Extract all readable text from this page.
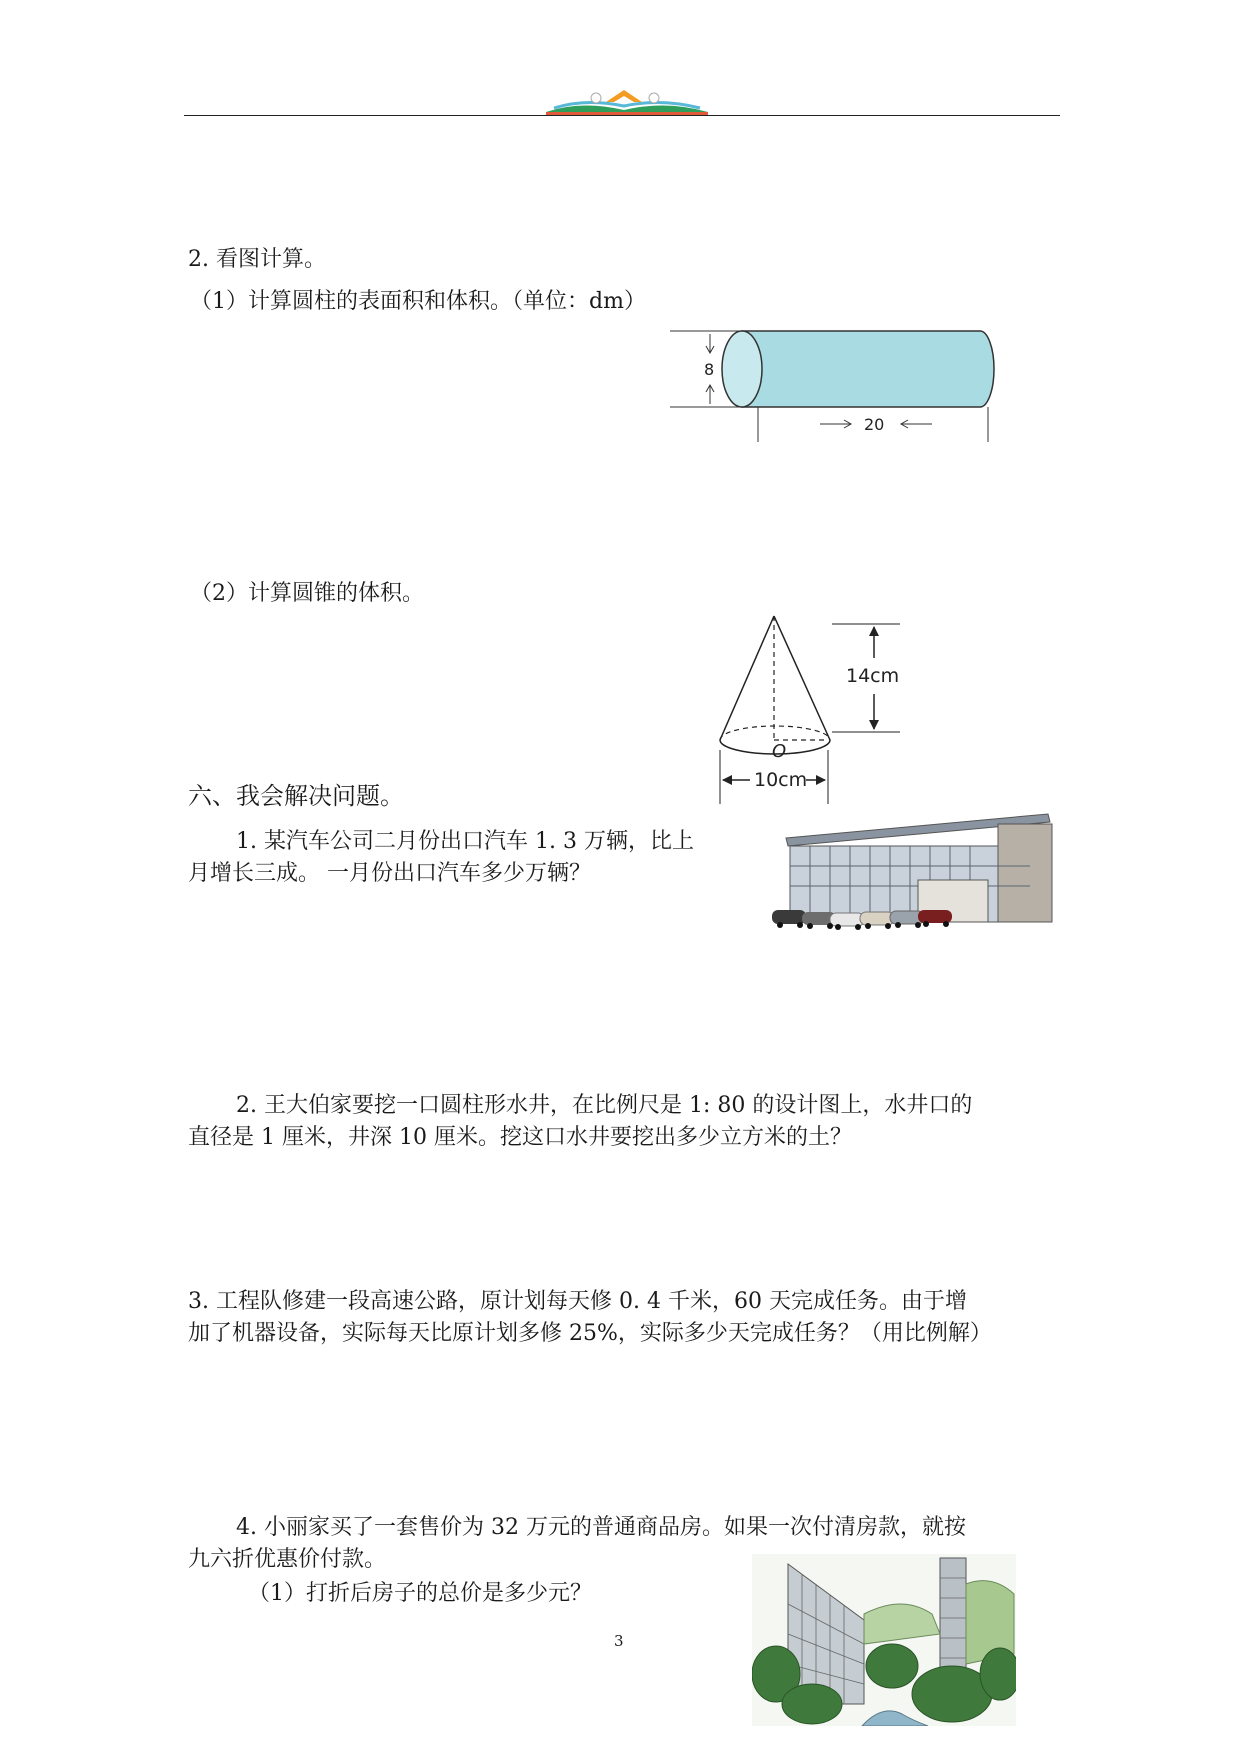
2. 看图计算。
（1）计算圆柱的表面积和体积。（单位：dm）
8
20
（2）计算圆锥的体积。
O
14cm
10cm
六、我会解决问题。
1. 某汽车公司二月份出口汽车 1. 3 万辆，比上
月增长三成。 一月份出口汽车多少万辆？
2. 王大伯家要挖一口圆柱形水井，在比例尺是 1: 80 的设计图上，水井口的
直径是 1 厘米，井深 10 厘米。挖这口水井要挖出多少立方米的土？
3. 工程队修建一段高速公路，原计划每天修 0. 4 千米，60 天完成任务。由于增
加了机器设备，实际每天比原计划多修 25%，实际多少天完成任务？（用比例解）
4. 小丽家买了一套售价为 32 万元的普通商品房。如果一次付清房款，就按
九六折优惠价付款。
（1）打折后房子的总价是多少元？
3
